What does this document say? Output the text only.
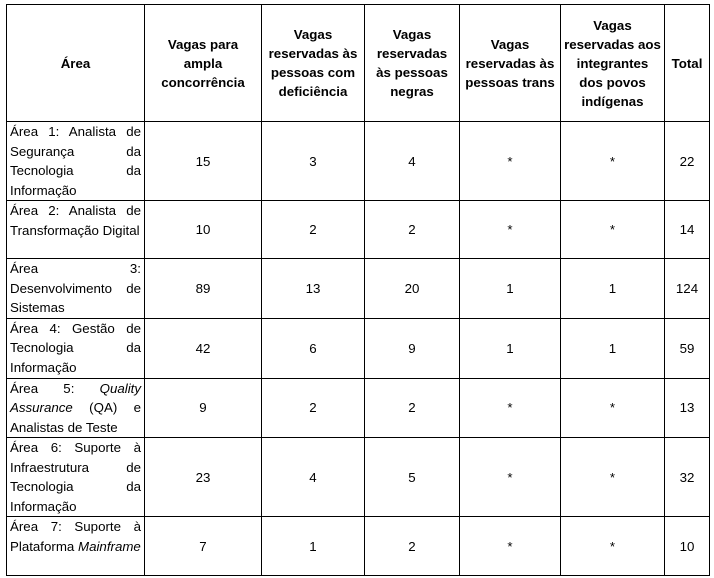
Área	Vagas para ampla concorrência	Vagas reservadas às pessoas com deficiência	Vagas reservadas às pessoas negras	Vagas reservadas às pessoas trans	Vagas reservadas aos integrantes dos povos indígenas	Total
Área 1: Analista de Segurança da Tecnologia da Informação	15	3	4	*	*	22
Área 2: Analista de Transformação Digital	10	2	2	*	*	14
Área 3: Desenvolvimento de Sistemas	89	13	20	1	1	124
Área 4: Gestão de Tecnologia da Informação	42	6	9	1	1	59
Área 5: Quality Assurance (QA) e Analistas de Teste	9	2	2	*	*	13
Área 6: Suporte à Infraestrutura de Tecnologia da Informação	23	4	5	*	*	32
Área 7: Suporte à Plataforma Mainframe	7	1	2	*	*	10
